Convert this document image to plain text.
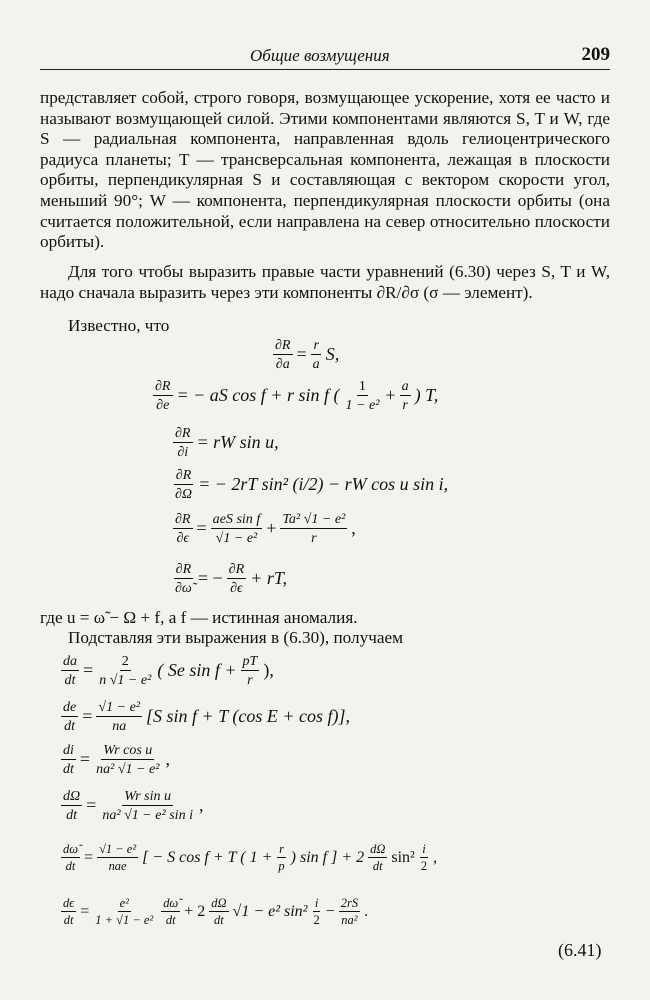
Общие возмущения	209
представляет собой, строго говоря, возмущающее ускорение, хотя ее часто и называют возмущающей силой. Этими компонентами являются S, T и W, где S — радиальная компонента, направленная вдоль гелиоцентрического радиуса планеты; T — трансверсальная компонента, лежащая в плоскости орбиты, перпендикулярная S и составляющая с вектором скорости угол, меньший 90°; W — компонента, перпендикулярная плоскости орбиты (она считается положительной, если направлена на север относительно плоскости орбиты).
Для того чтобы выразить правые части уравнений (6.30) через S, T и W, надо сначала выразить через эти компоненты ∂R/∂σ (σ — элемент).
Известно, что
$\frac{\partial R}{\partial a} = \frac{r}{a} S$,
$\frac{\partial R}{\partial e}$ = − aS cos f + r sin f ( $\frac{1}{\text{1 − e²}} + \frac{a}{r}$ ) T,
$\frac{\partial R}{\partial i}$ = rW sin u,
$\frac{\partial R}{\partial\Omega}$ = − 2rT sin² (i/2) − rW cos u sin i,
$\frac{\partial R}{\partial\epsilon} = \frac{\text{aeS sin f}}{\text{√1 − e²}} + \frac{\text{Ta² √1 − e²}}{r}$ ,
$\frac{\partial R}{\partial\omegã}$ = − $\frac{\partial R}{\partial\epsilon}$ + rT,
где u = ω̃ − Ω + f, а f — истинная аномалия.
Подставляя эти выражения в (6.30), получаем
$\frac{da}{dt} = \frac{2}{\text{n √1 − e²}}$ ( Se $\sin f + \frac{pT}{r}$ ),
$\frac{de}{dt} = \frac{\text{√1 − e²}}{na} [S$ sin f + T (cos E + cos f)],
$\frac{di}{dt} = \frac{\text{Wr cos u}}{\text{na² √1 − e²}}$ ,
$\frac{d\Omega}{dt} = \frac{\text{Wr sin u}}{\text{na² √1 − e² sin i}}$ ,
$\frac{d\omegã}{dt} = \frac{\text{√1 − e²}}{\text{nae}}$ [ − S cos f + T ( $1 + \frac{r}{p}$ ) sin f ] + $2 \frac{d\Omega}{dt} \sin^2 \frac{i}{2}$ ,
$\frac{d\epsilon}{dt} = \frac{\text{e²}}{\text{1 + √1 − e²}} \frac{d\omegã}{dt} + 2 \frac{d\Omega}{dt} √1 - e^2$ $\sin^2 \frac{i}{2} - \frac{2rS}{\text{na²}}$ .
(6.41)
